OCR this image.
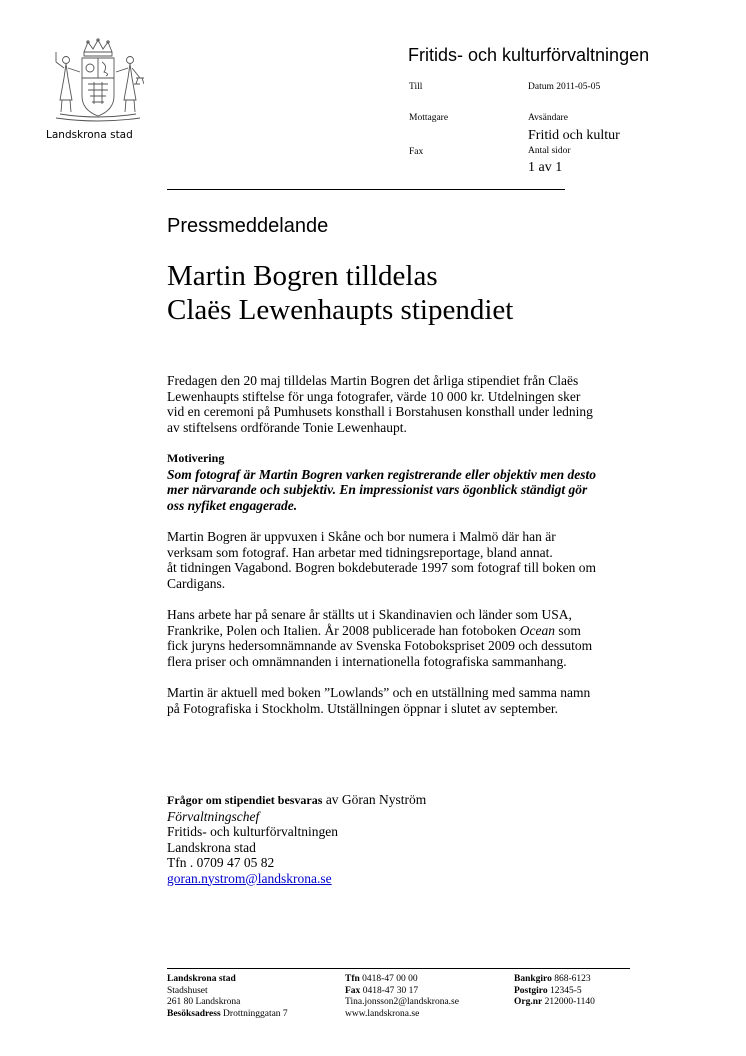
Landskrona stad
Fritids- och kulturförvaltningen
Till	Datum 2011-05-05
Mottagare	Avsändare
Fritid och kultur
Fax	Antal sidor
1 av 1
Pressmeddelande
Martin Bogren tilldelas
Claës Lewenhaupts stipendiet

Fredagen den 20 maj tilldelas Martin Bogren det årliga stipendiet från Claës
Lewenhaupts stiftelse för unga fotografer, värde 10 000 kr. Utdelningen sker
vid en ceremoni på Pumhusets konsthall i Borstahusen konsthall under ledning
av stiftelsens ordförande Tonie Lewenhaupt.

Motivering

Som fotograf är Martin Bogren varken registrerande eller objektiv men desto
mer närvarande och subjektiv. En impressionist vars ögonblick ständigt gör
oss nyfiket engagerade.

Martin Bogren är uppvuxen i Skåne och bor numera i Malmö där han är
verksam som fotograf. Han arbetar med tidningsreportage, bland annat.
åt tidningen Vagabond. Bogren bokdebuterade 1997 som fotograf till boken om
Cardigans.

Hans arbete har på senare år ställts ut i Skandinavien och länder som USA,
Frankrike, Polen och Italien. År 2008 publicerade han fotoboken Ocean som
fick juryns hedersomnämnande av Svenska Fotobokspriset 2009 och dessutom
flera priser och omnämnanden i internationella fotografiska sammanhang.

Martin är aktuell med boken ”Lowlands” och en utställning med samma namn
på Fotografiska i Stockholm. Utställningen öppnar i slutet av september.

Frågor om stipendiet besvaras av Göran Nyström
Förvaltningschef
Fritids- och kulturförvaltningen
Landskrona stad
Tfn . 0709 47 05 82
goran.nystrom@landskrona.se
Landskrona stad
Stadshuset
261 80 Landskrona
Besöksadress Drottninggatan 7
Tfn 0418-47 00 00
Fax 0418-47 30 17
Tina.jonsson2@landskrona.se
www.landskrona.se
Bankgiro 868-6123
Postgiro 12345-5
Org.nr 212000-1140
